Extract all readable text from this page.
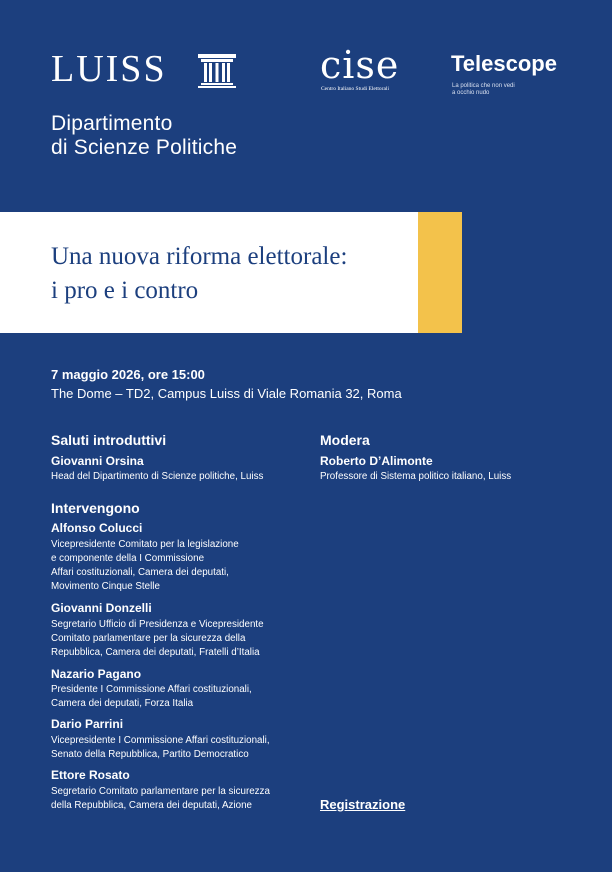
LUISS
Dipartimento
di Scienze Politiche
cise
Centro Italiano Studi Elettorali
Telescope
La politica che non vedi
a occhio nudo
Una nuova riforma elettorale:
i pro e i contro
7 maggio 2026, ore 15:00
The Dome – TD2, Campus Luiss di Viale Romania 32, Roma
Saluti introduttivi
Giovanni Orsina
Head del Dipartimento di Scienze politiche, Luiss
Modera
Roberto D’Alimonte
Professore di Sistema politico italiano, Luiss
Intervengono
Alfonso Colucci
Vicepresidente Comitato per la legislazione
e componente della I Commissione
Affari costituzionali, Camera dei deputati,
Movimento Cinque Stelle
Giovanni Donzelli
Segretario Ufficio di Presidenza e Vicepresidente
Comitato parlamentare per la sicurezza della
Repubblica, Camera dei deputati, Fratelli d’Italia
Nazario Pagano
Presidente I Commissione Affari costituzionali,
Camera dei deputati, Forza Italia
Dario Parrini
Vicepresidente I Commissione Affari costituzionali,
Senato della Repubblica, Partito Democratico
Ettore Rosato
Segretario Comitato parlamentare per la sicurezza
della Repubblica, Camera dei deputati, Azione	Registrazione
